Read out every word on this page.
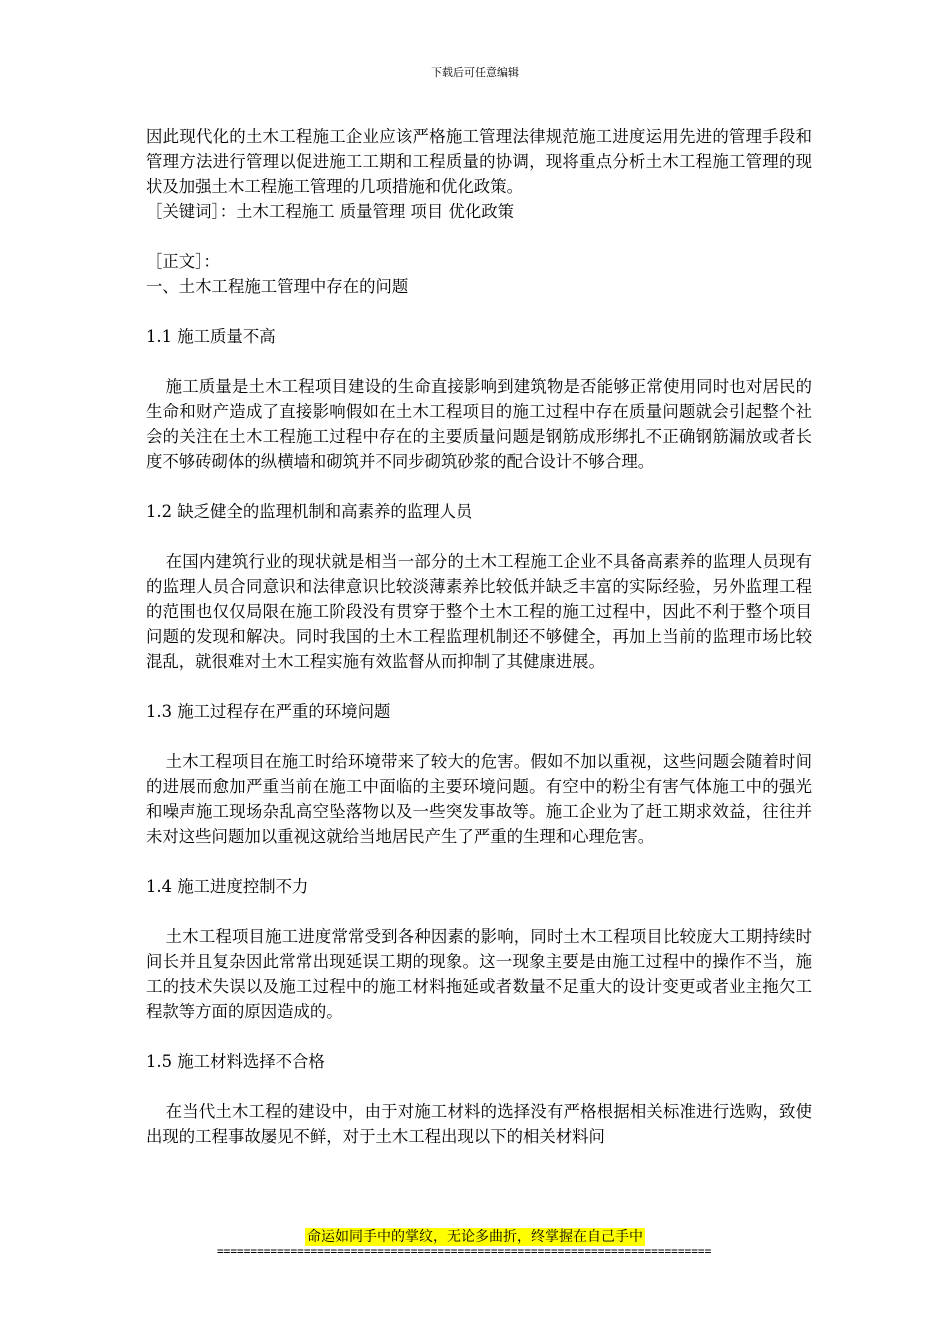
下载后可任意编辑

因此现代化的土木工程施工企业应该严格施工管理法律规范施工进度运用先进的管理手段和管理方法进行管理以促进施工工期和工程质量的协调，现将重点分析土木工程施工管理的现状及加强土木工程施工管理的几项措施和优化政策。

［关键词］：土木工程施工 质量管理 项目 优化政策

［正文］：

一、土木工程施工管理中存在的问题

1.1 施工质量不高

施工质量是土木工程项目建设的生命直接影响到建筑物是否能够正常使用同时也对居民的生命和财产造成了直接影响假如在土木工程项目的施工过程中存在质量问题就会引起整个社会的关注在土木工程施工过程中存在的主要质量问题是钢筋成形绑扎不正确钢筋漏放或者长度不够砖砌体的纵横墙和砌筑并不同步砌筑砂浆的配合设计不够合理。

1.2 缺乏健全的监理机制和高素养的监理人员

在国内建筑行业的现状就是相当一部分的土木工程施工企业不具备高素养的监理人员现有的监理人员合同意识和法律意识比较淡薄素养比较低并缺乏丰富的实际经验，另外监理工程的范围也仅仅局限在施工阶段没有贯穿于整个土木工程的施工过程中，因此不利于整个项目问题的发现和解决。同时我国的土木工程监理机制还不够健全，再加上当前的监理市场比较混乱，就很难对土木工程实施有效监督从而抑制了其健康进展。

1.3 施工过程存在严重的环境问题

土木工程项目在施工时给环境带来了较大的危害。假如不加以重视，这些问题会随着时间的进展而愈加严重当前在施工中面临的主要环境问题。有空中的粉尘有害气体施工中的强光和噪声施工现场杂乱高空坠落物以及一些突发事故等。施工企业为了赶工期求效益，往往并未对这些问题加以重视这就给当地居民产生了严重的生理和心理危害。

1.4 施工进度控制不力

土木工程项目施工进度常常受到各种因素的影响，同时土木工程项目比较庞大工期持续时间长并且复杂因此常常出现延误工期的现象。这一现象主要是由施工过程中的操作不当，施工的技术失误以及施工过程中的施工材料拖延或者数量不足重大的设计变更或者业主拖欠工程款等方面的原因造成的。

1.5 施工材料选择不合格

在当代土木工程的建设中，由于对施工材料的选择没有严格根据相关标准进行选购，致使出现的工程事故屡见不鲜，对于土木工程出现以下的相关材料问

命运如同手中的掌纹，无论多曲折，终掌握在自己手中
==========================================================================
